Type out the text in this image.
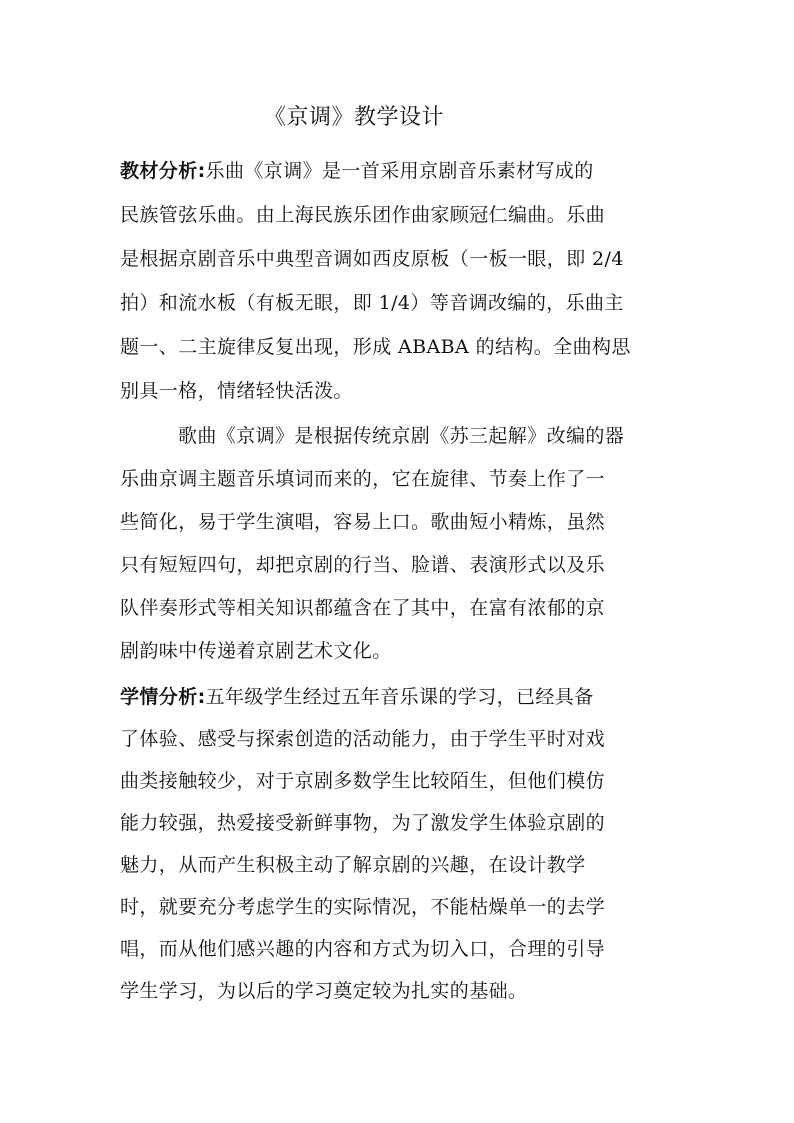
《京调》教学设计
教材分析:乐曲《京调》是一首采用京剧音乐素材写成的
民族管弦乐曲。由上海民族乐团作曲家顾冠仁编曲。乐曲
是根据京剧音乐中典型音调如西皮原板（一板一眼，即 2/4
拍）和流水板（有板无眼，即 1/4）等音调改编的，乐曲主
题一、二主旋律反复出现，形成 ABABA 的结构。全曲构思
别具一格，情绪轻快活泼。
歌曲《京调》是根据传统京剧《苏三起解》改编的器
乐曲京调主题音乐填词而来的，它在旋律、节奏上作了一
些简化，易于学生演唱，容易上口。歌曲短小精炼，虽然
只有短短四句，却把京剧的行当、脸谱、表演形式以及乐
队伴奏形式等相关知识都蕴含在了其中，在富有浓郁的京
剧韵味中传递着京剧艺术文化。
学情分析:五年级学生经过五年音乐课的学习，已经具备
了体验、感受与探索创造的活动能力，由于学生平时对戏
曲类接触较少，对于京剧多数学生比较陌生，但他们模仿
能力较强，热爱接受新鲜事物，为了激发学生体验京剧的
魅力，从而产生积极主动了解京剧的兴趣，在设计教学
时，就要充分考虑学生的实际情况，不能枯燥单一的去学
唱，而从他们感兴趣的内容和方式为切入口，合理的引导
学生学习，为以后的学习奠定较为扎实的基础。
